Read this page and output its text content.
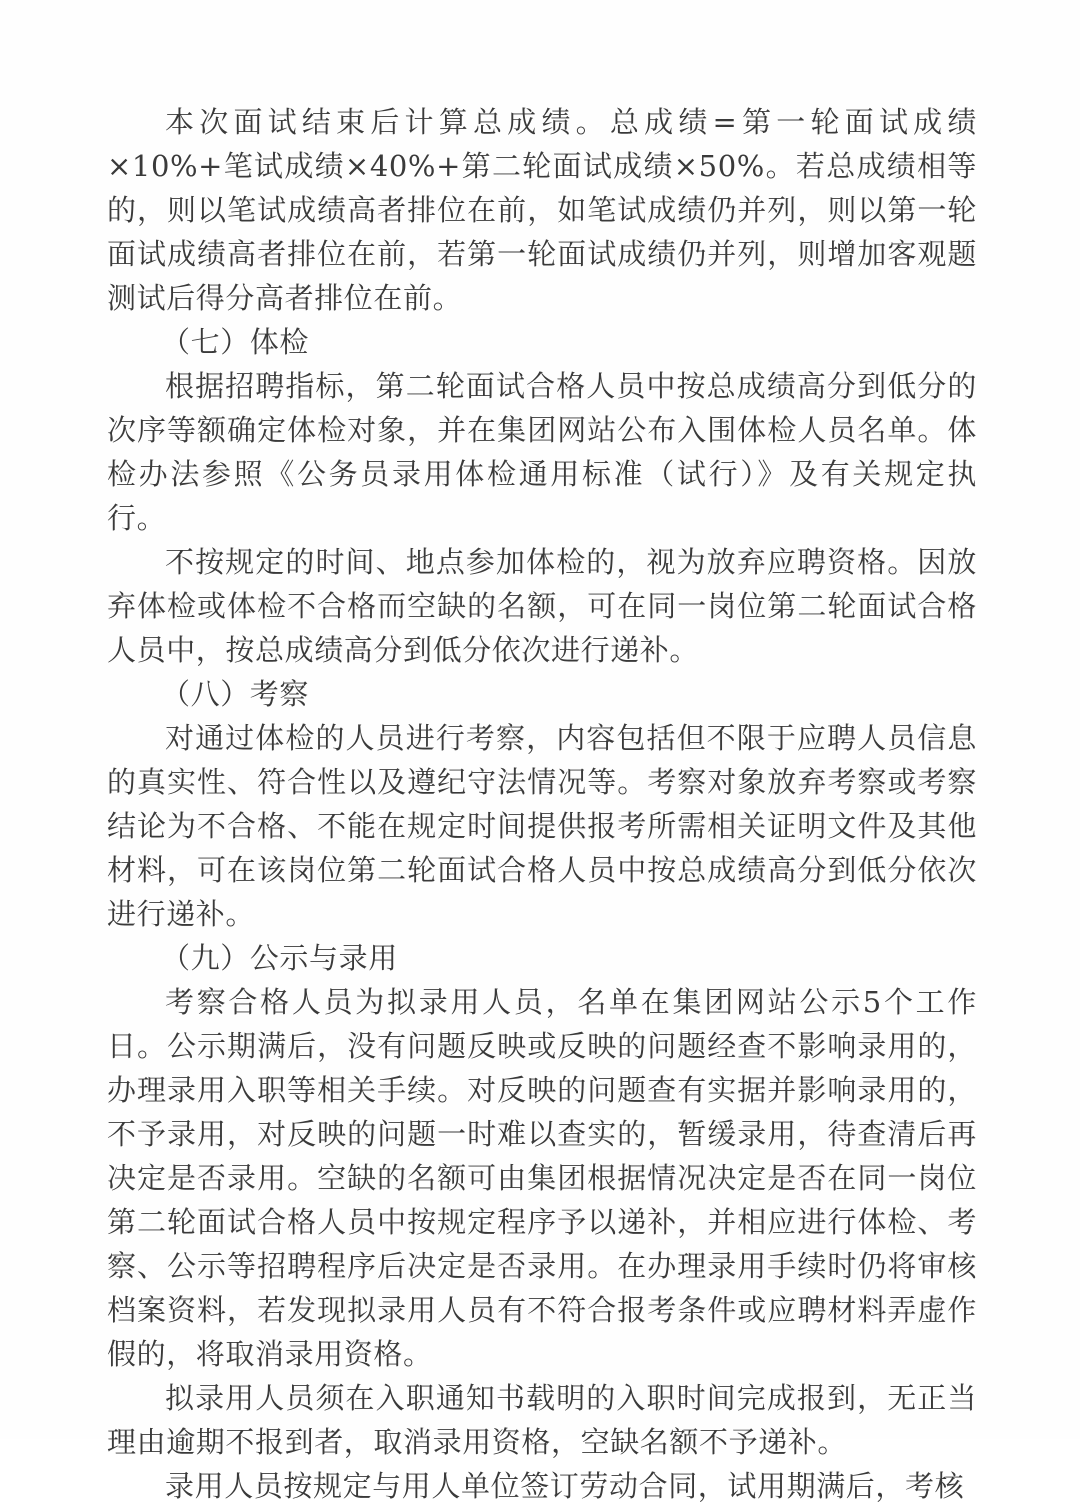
本次面试结束后计算总成绩。总成绩=第一轮面试成绩×10%+笔试成绩×40%+第二轮面试成绩×50%。若总成绩相等的，则以笔试成绩高者排位在前，如笔试成绩仍并列，则以第一轮面试成绩高者排位在前，若第一轮面试成绩仍并列，则增加客观题测试后得分高者排位在前。

（七）体检

根据招聘指标，第二轮面试合格人员中按总成绩高分到低分的次序等额确定体检对象，并在集团网站公布入围体检人员名单。体检办法参照《公务员录用体检通用标准（试行）》及有关规定执行。

不按规定的时间、地点参加体检的，视为放弃应聘资格。因放弃体检或体检不合格而空缺的名额，可在同一岗位第二轮面试合格人员中，按总成绩高分到低分依次进行递补。

（八）考察

对通过体检的人员进行考察，内容包括但不限于应聘人员信息的真实性、符合性以及遵纪守法情况等。考察对象放弃考察或考察结论为不合格、不能在规定时间提供报考所需相关证明文件及其他材料，可在该岗位第二轮面试合格人员中按总成绩高分到低分依次进行递补。

（九）公示与录用

考察合格人员为拟录用人员，名单在集团网站公示5个工作日。公示期满后，没有问题反映或反映的问题经查不影响录用的，办理录用入职等相关手续。对反映的问题查有实据并影响录用的，不予录用，对反映的问题一时难以查实的，暂缓录用，待查清后再决定是否录用。空缺的名额可由集团根据情况决定是否在同一岗位第二轮面试合格人员中按规定程序予以递补，并相应进行体检、考察、公示等招聘程序后决定是否录用。在办理录用手续时仍将审核档案资料，若发现拟录用人员有不符合报考条件或应聘材料弄虚作假的，将取消录用资格。

拟录用人员须在入职通知书载明的入职时间完成报到，无正当理由逾期不报到者，取消录用资格，空缺名额不予递补。

录用人员按规定与用人单位签订劳动合同，试用期满后，考核
